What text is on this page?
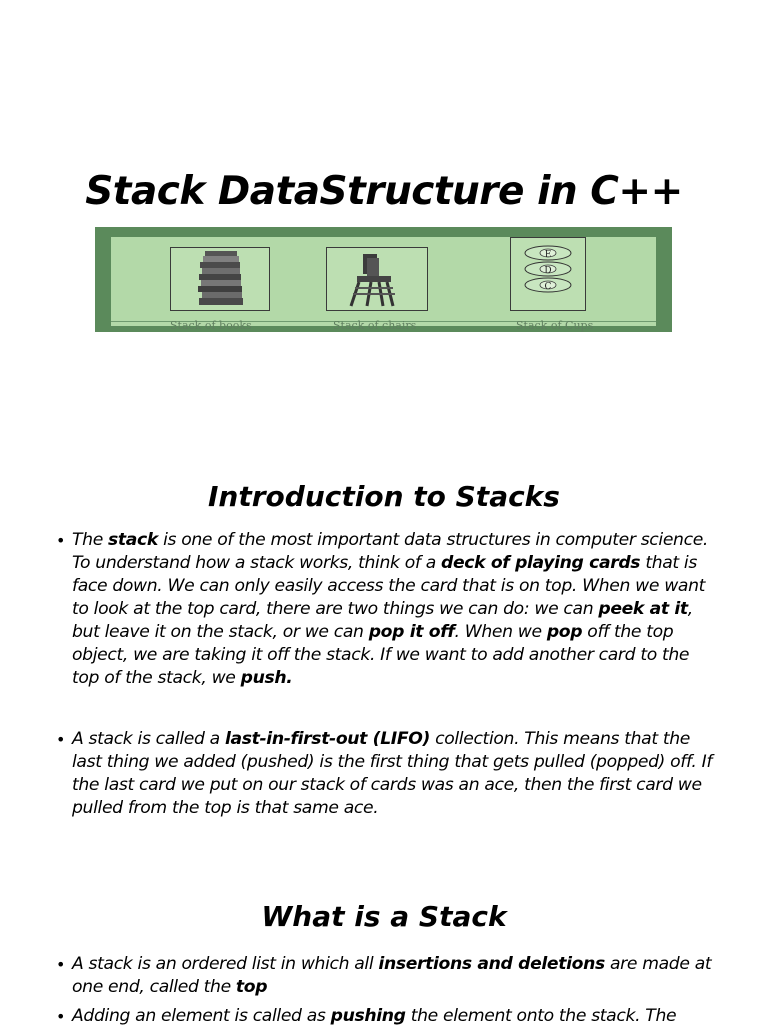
Stack DataStructure in C++
E
D
C
Stack of books	Stack of chairs	Stack of Cups
Introduction to Stacks
• The stack is one of the most important data structures in computer science. To understand how a stack works, think of a deck of playing cards that is face down. We can only easily access the card that is on top. When we want to look at the top card, there are two things we can do: we can peek at it, but leave it on the stack, or we can pop it off. When we pop off the top object, we are taking it off the stack. If we want to add another card to the top of the stack, we push.
• A stack is called a last-in-first-out (LIFO) collection. This means that the last thing we added (pushed) is the first thing that gets pulled (popped) off. If the last card we put on our stack of cards was an ace, then the first card we pulled from the top is that same ace.
What is a Stack
• A stack is an ordered list in which all insertions and deletions are made at one end, called the top
• Adding an element is called as pushing the element onto the stack. The
